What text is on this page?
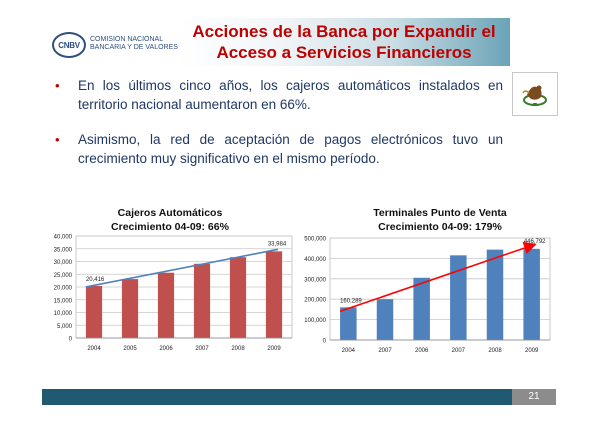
CNBV
COMISION NACIONAL
BANCARIA Y DE VALORES
Acciones de la Banca por Expandir el
Acceso a Servicios Financieros
• En los últimos cinco años, los cajeros automáticos instalados en territorio nacional aumentaron en 66%.
• Asimismo, la red de aceptación de pagos electrónicos tuvo un crecimiento muy significativo en el mismo período.
Cajeros Automáticos
Crecimiento 04-09: 66%
0
5,000
10,000
15,000
20,000
25,000
30,000
35,000
40,000
2004	2005	2006	2007	2008	2009
20,416
33,984
Terminales Punto de Venta
Crecimiento 04-09: 179%
0
100,000
200,000
300,000
400,000
500,000
2004	2007	2006	2007	2008	2009
160,289
446,792
21
